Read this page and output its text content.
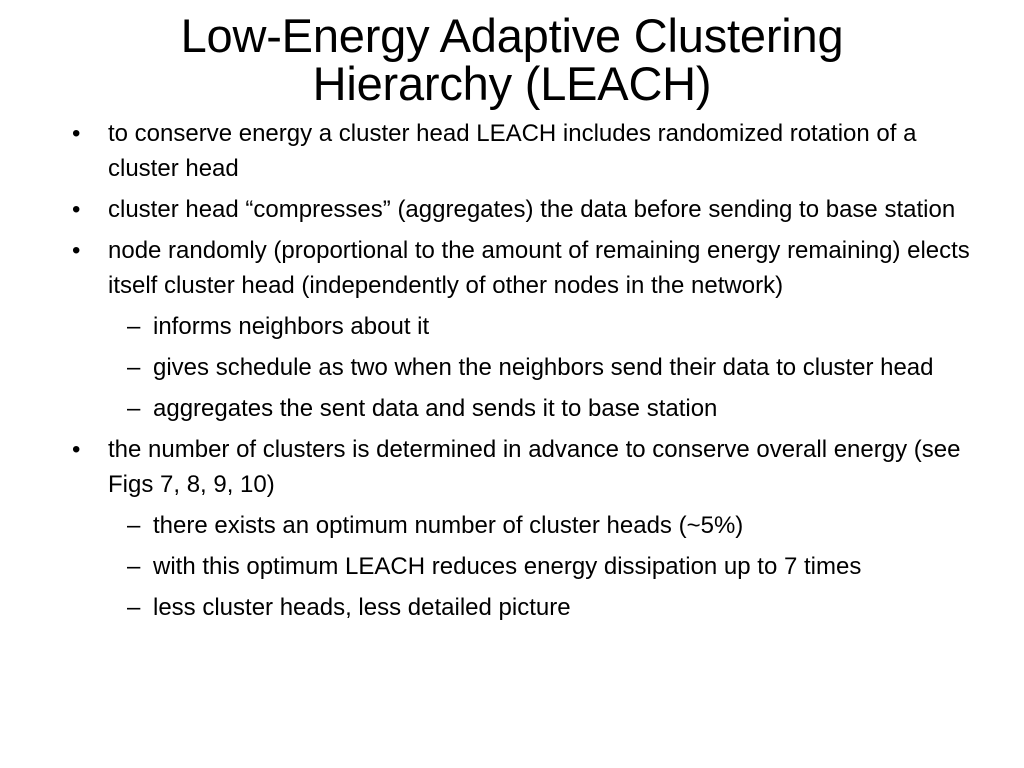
Low-Energy Adaptive Clustering
Hierarchy (LEACH)
• to conserve energy a cluster head LEACH includes randomized rotation of a cluster head
• cluster head “compresses” (aggregates) the data before sending to base station
• node randomly (proportional to the amount of remaining energy remaining) elects itself cluster head (independently of other nodes in the network)
– informs neighbors about it
– gives schedule as two when the neighbors send their data to cluster head
– aggregates the sent data and sends it to base station
• the number of clusters is determined in advance to conserve overall energy (see Figs 7, 8, 9, 10)
– there exists an optimum number of cluster heads (~5%)
– with this optimum LEACH reduces energy dissipation up to 7 times
– less cluster heads, less detailed picture
